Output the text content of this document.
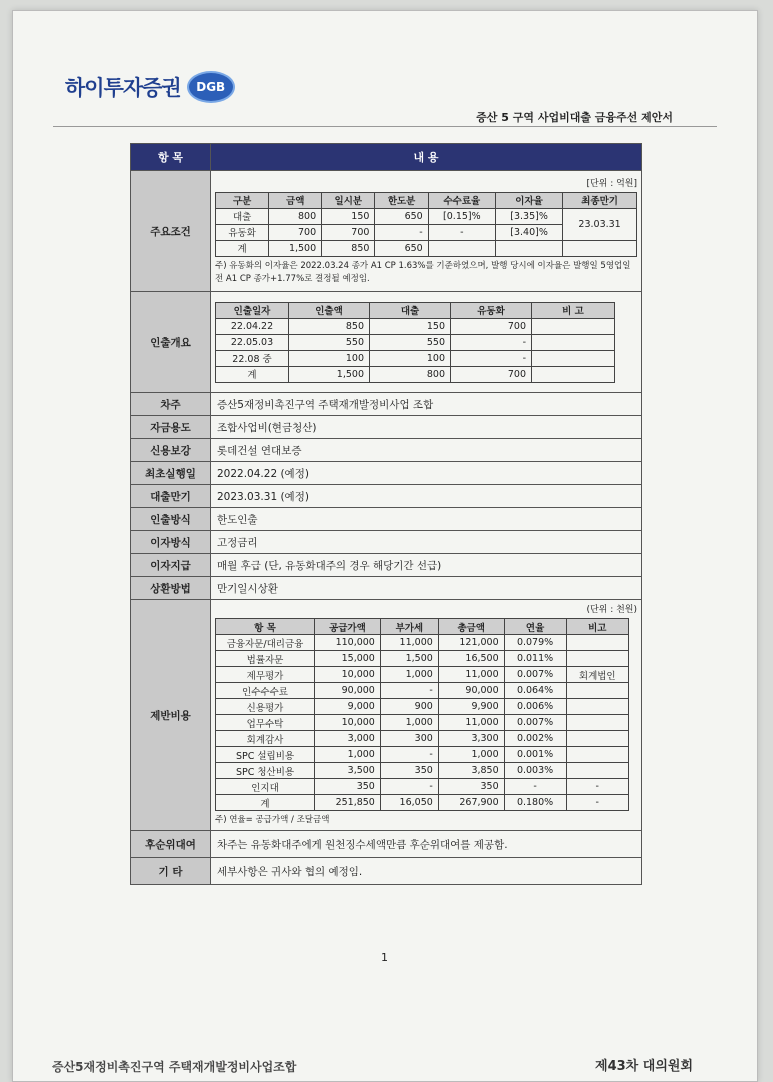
하이투자증권	DGB
증산 5 구역 사업비대출 금융주선 제안서
항 목	내 용
주요조건	
[단위 : 억원]
구분	금액	일시분	한도분	수수료율	이자율	최종만기
대출	800	150	650	[0.15]%	[3.35]%	23.03.31
유동화	700	700	-	-	[3.40]%
계	1,500	850	650			
주) 유동화의 이자율은 2022.03.24 종가 A1 CP 1.63%를 기준하였으며, 발행 당시에 이자율은 발행일 5영업일 전 A1 CP 종가+1.77%로 결정될 예정임.

인출개요	
인출일자	인출액	대출	유동화	비 고
22.04.22	850	150	700	
22.05.03	550	550	-	
22.08 중	100	100	-	
계	1,500	800	700	

차주	증산5재정비촉진구역 주택재개발정비사업 조합
자금용도	조합사업비(현금청산)
신용보강	롯데건설 연대보증
최초실행일	2022.04.22 (예정)
대출만기	2023.03.31 (예정)
인출방식	한도인출
이자방식	고정금리
이자지급	매월 후급 (단, 유동화대주의 경우 해당기간 선급)
상환방법	만기일시상환
제반비용	
(단위 : 천원)
항 목	공급가액	부가세	총금액	연율	비고
금융자문/대리금융	110,000	11,000	121,000	0.079%	
법률자문	15,000	1,500	16,500	0.011%	
제무평가	10,000	1,000	11,000	0.007%	회계법인
인수수수료	90,000	-	90,000	0.064%	
신용평가	9,000	900	9,900	0.006%	
업무수탁	10,000	1,000	11,000	0.007%	
회계감사	3,000	300	3,300	0.002%	
SPC 설립비용	1,000	-	1,000	0.001%	
SPC 청산비용	3,500	350	3,850	0.003%	
인지대	350	-	350	-	-
계	251,850	16,050	267,900	0.180%	-
주) 연율= 공급가액 / 조달금액

후순위대여	차주는 유동화대주에게 원천징수세액만큼 후순위대여를 제공함.
기 타	세부사항은 귀사와 협의 예정임.
1
증산5재정비촉진구역 주택재개발정비사업조합	제43차 대의원회
